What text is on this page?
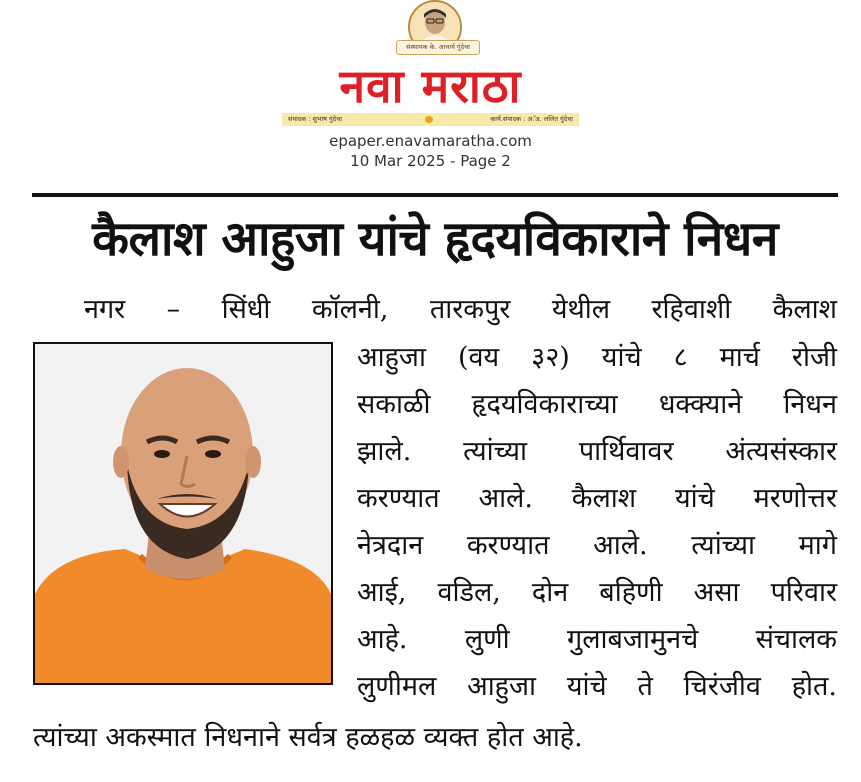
संस्थापक के. आचार्य गुंदेचा
नवा मराठा
संपादक : सुभाष गुंदेचा	कार्य.संपादक : अॅड. ललित गुंदेचा
epaper.enavamaratha.com
10 Mar 2025 - Page 2
कैलाश आहुजा यांचे हृदयविकाराने निधन
नगर – सिंधी कॉलनी, तारकपुर येथील रहिवाशी कैलाश
आहुजा (वय ३२) यांचे ८ मार्च रोजी
सकाळी हृदयविकाराच्या धक्क्याने निधन
झाले. त्यांच्या पार्थिवावर अंत्यसंस्कार
करण्यात आले. कैलाश यांचे मरणोत्तर
नेत्रदान करण्यात आले. त्यांच्या मागे
आई, वडिल, दोन बहिणी असा परिवार
आहे. लुणी गुलाबजामुनचे संचालक
लुणीमल आहुजा यांचे ते चिरंजीव होत.
त्यांच्या अकस्मात निधनाने सर्वत्र हळहळ व्यक्त होत आहे.
